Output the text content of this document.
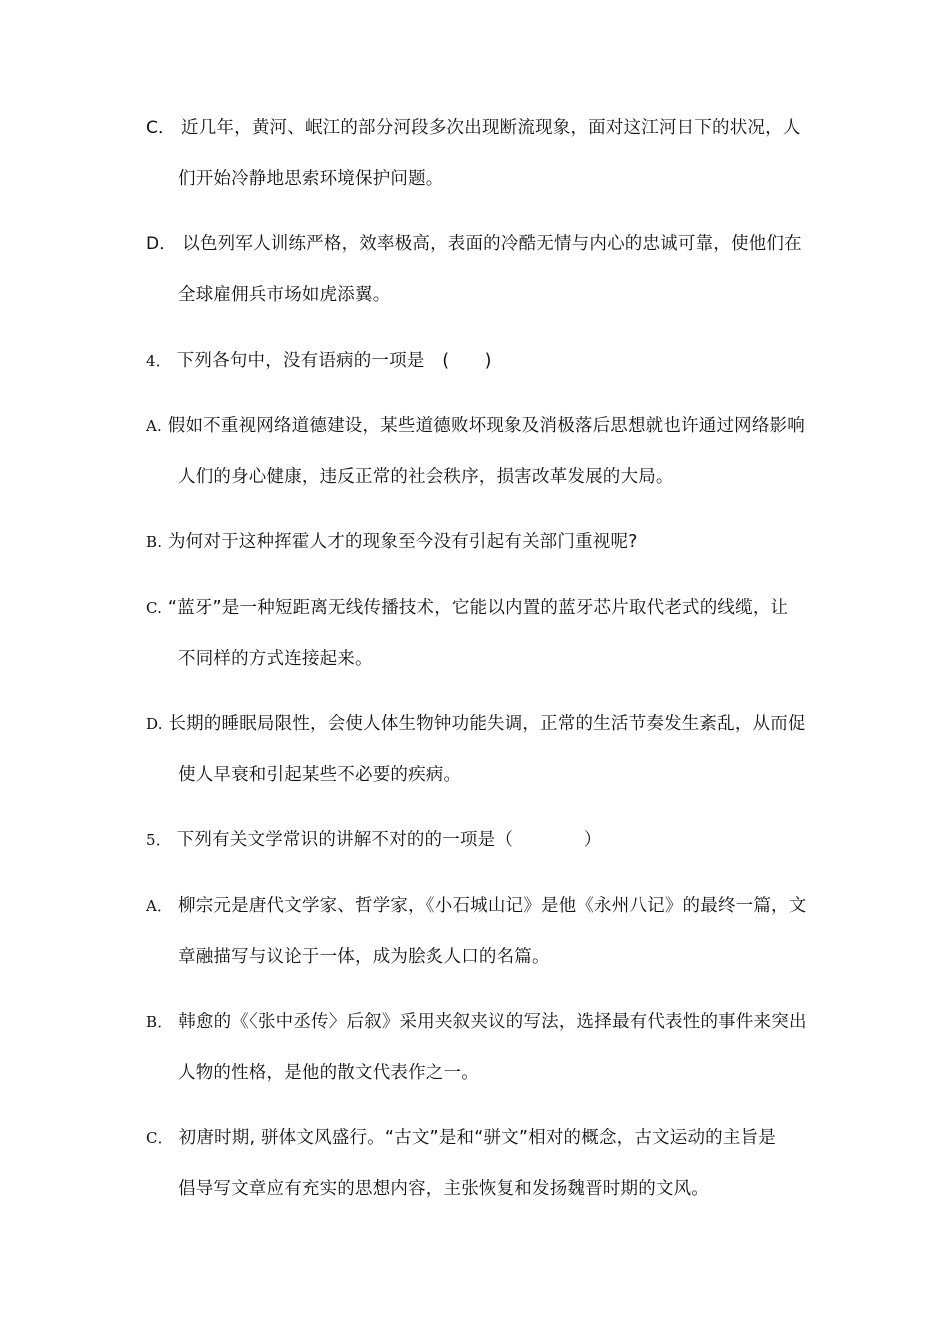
C． 近几年，黄河、岷江的部分河段多次出现断流现象，面对这江河日下的状况，人
们开始冷静地思索环境保护问题。
D． 以色列军人训练严格，效率极高，表面的冷酷无情与内心的忠诚可靠，使他们在
全球雇佣兵市场如虎添翼。
4． 下列各句中，没有语病的一项是　(　　)
A. 假如不重视网络道德建设，某些道德败坏现象及消极落后思想就也许通过网络影响
人们的身心健康，违反正常的社会秩序，损害改革发展的大局。
B. 为何对于这种挥霍人才的现象至今没有引起有关部门重视呢?
C. “蓝牙”是一种短距离无线传播技术，它能以内置的蓝牙芯片取代老式的线缆，让
不同样的方式连接起来。
D. 长期的睡眠局限性，会使人体生物钟功能失调，正常的生活节奏发生紊乱，从而促
使人早衰和引起某些不必要的疾病。
5． 下列有关文学常识的讲解不对的的一项是（　　　　）
A． 柳宗元是唐代文学家、哲学家，《小石城山记》是他《永州八记》的最终一篇，文
章融描写与议论于一体，成为脍炙人口的名篇。
B． 韩愈的《〈张中丞传〉后叙》采用夹叙夹议的写法，选择最有代表性的事件来突出
人物的性格，是他的散文代表作之一。
C． 初唐时期, 骈体文风盛行。“古文”是和“骈文”相对的概念，古文运动的主旨是
倡导写文章应有充实的思想内容，主张恢复和发扬魏晋时期的文风。
